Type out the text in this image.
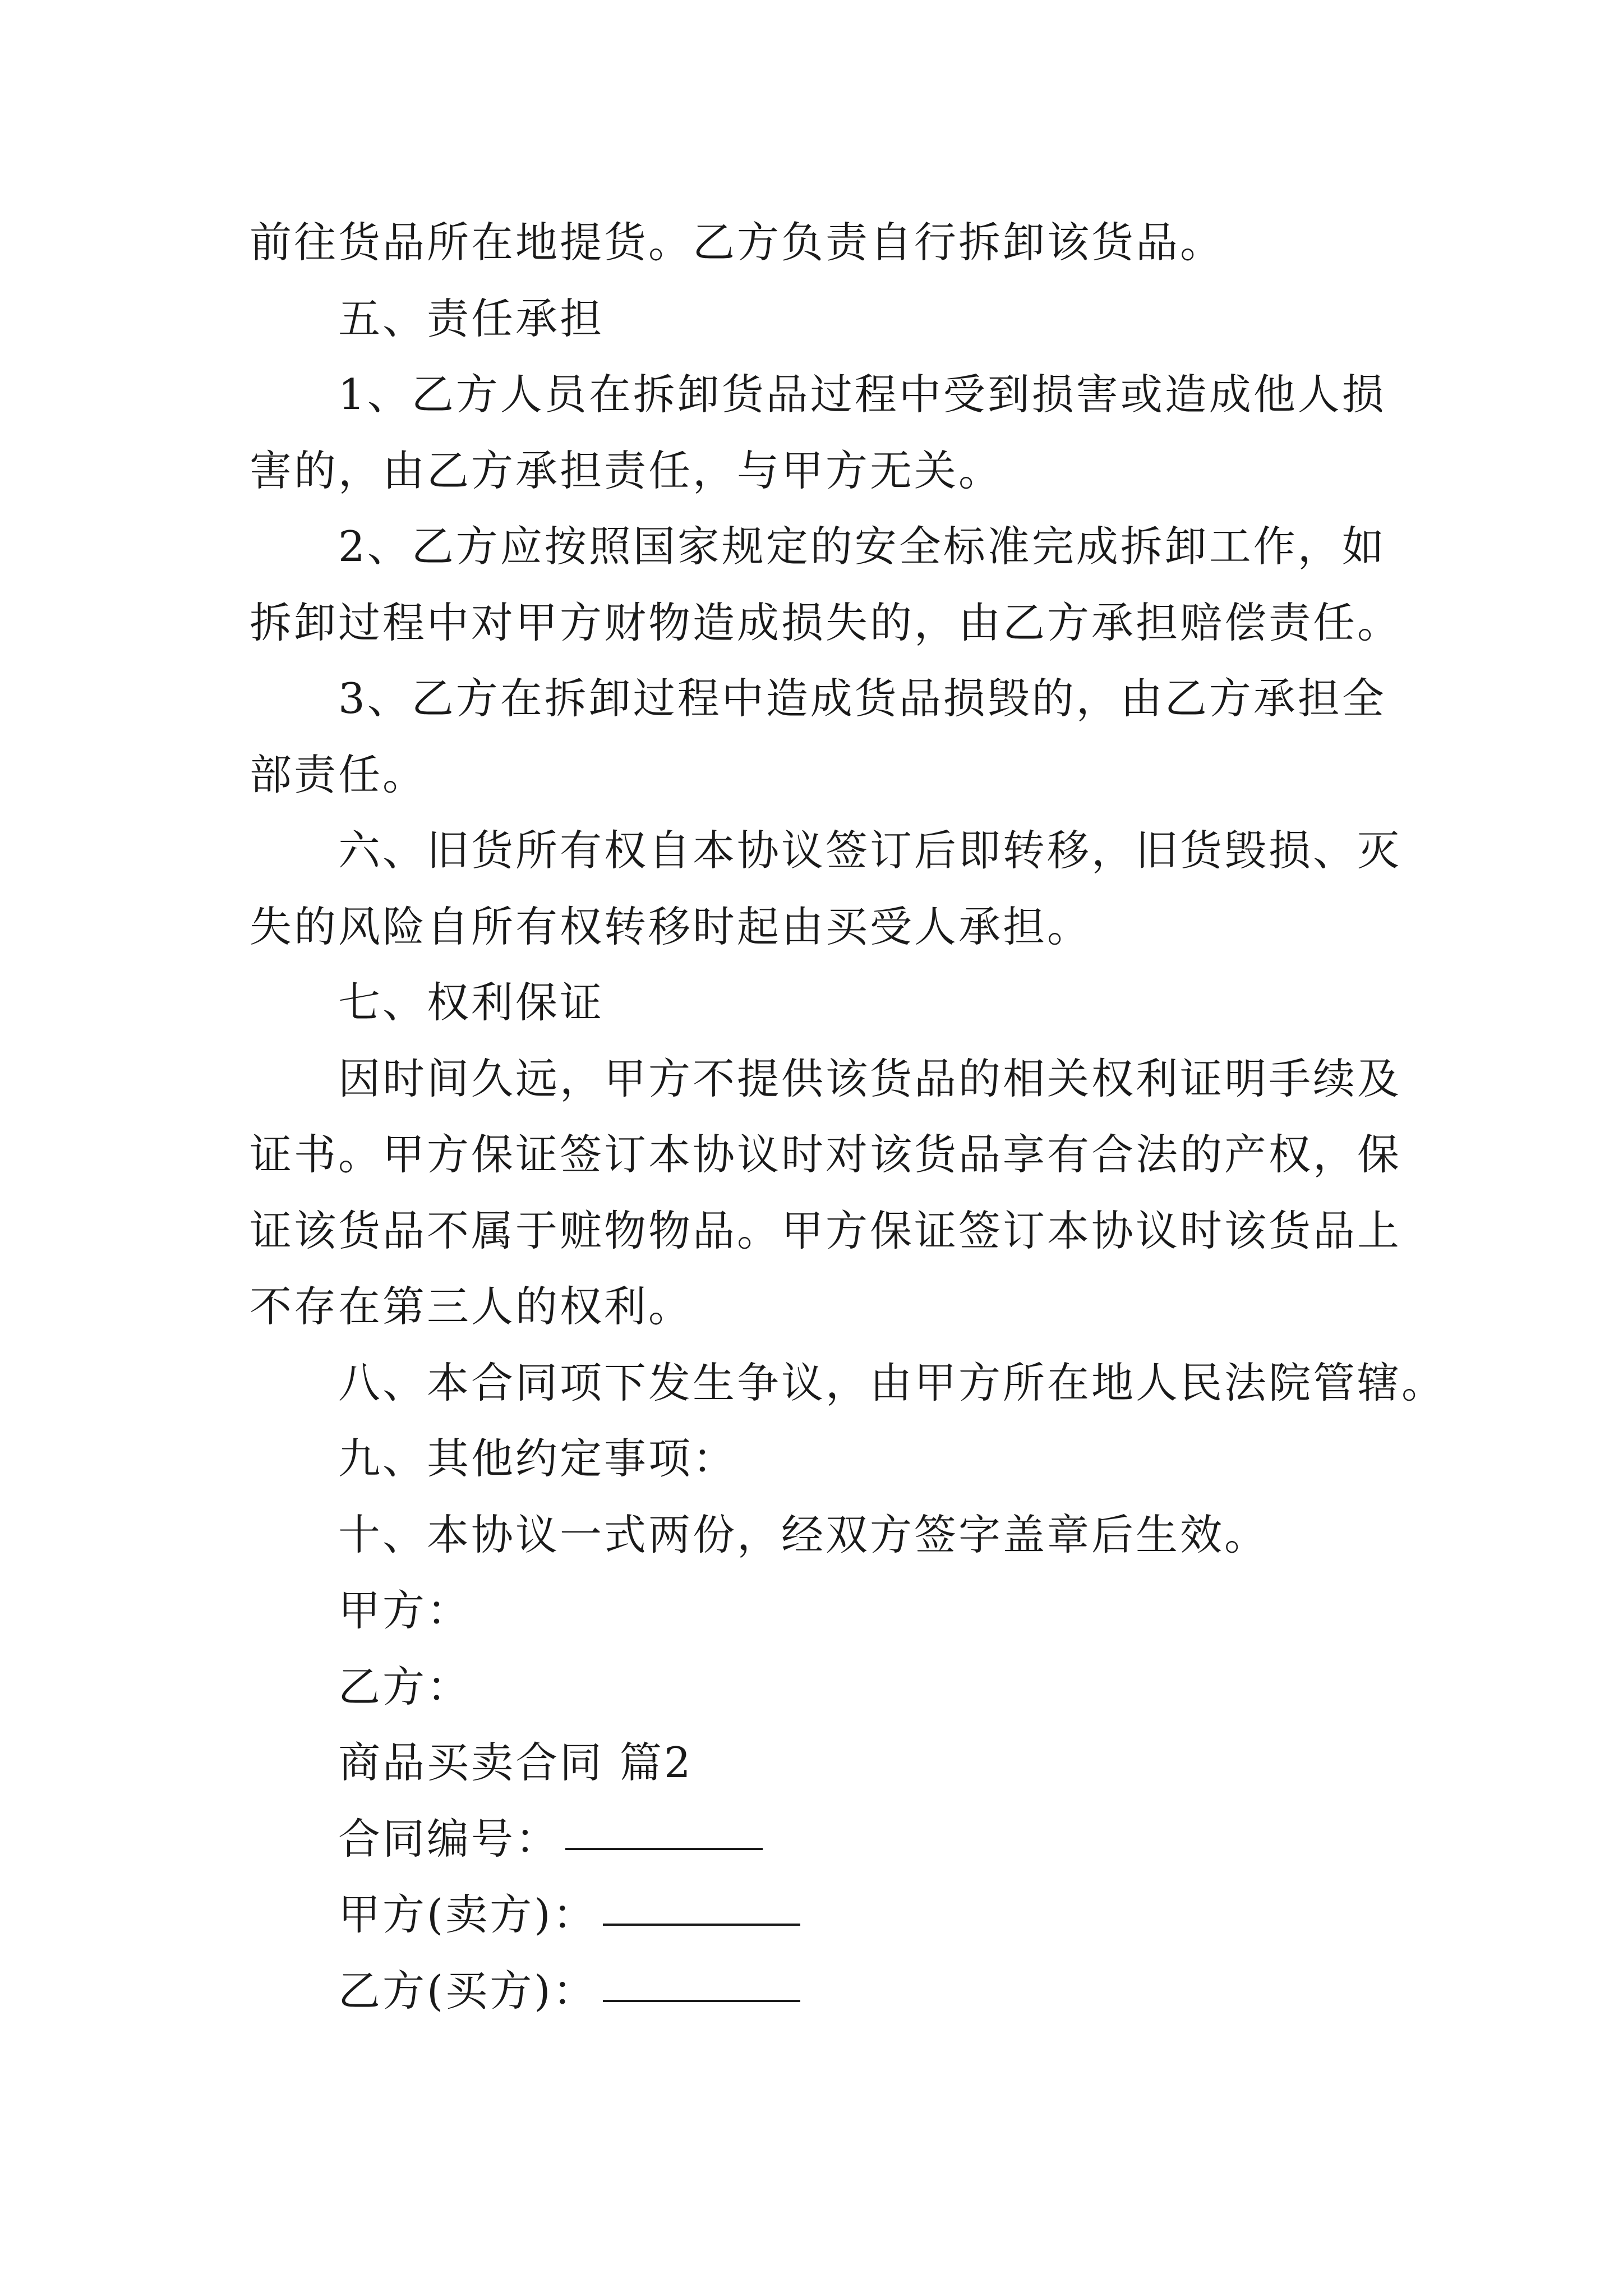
前往货品所在地提货。乙方负责自行拆卸该货品。

五、责任承担

1、乙方人员在拆卸货品过程中受到损害或造成他人损

害的，由乙方承担责任，与甲方无关。

2、乙方应按照国家规定的安全标准完成拆卸工作，如

拆卸过程中对甲方财物造成损失的，由乙方承担赔偿责任。

3、乙方在拆卸过程中造成货品损毁的，由乙方承担全

部责任。

六、旧货所有权自本协议签订后即转移，旧货毁损、灭

失的风险自所有权转移时起由买受人承担。

七、权利保证

因时间久远，甲方不提供该货品的相关权利证明手续及

证书。甲方保证签订本协议时对该货品享有合法的产权，保

证该货品不属于赃物物品。甲方保证签订本协议时该货品上

不存在第三人的权利。

八、本合同项下发生争议，由甲方所在地人民法院管辖。

九、其他约定事项：

十、本协议一式两份，经双方签字盖章后生效。

甲方：

乙方：

商品买卖合同 篇2

合同编号：

甲方(卖方)：

乙方(买方)：
